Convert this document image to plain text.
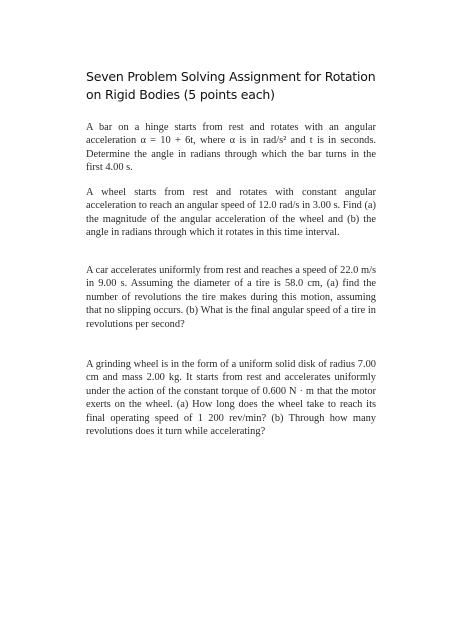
Seven Problem Solving Assignment for Rotation on Rigid Bodies (5 points each)
A bar on a hinge starts from rest and rotates with an angular acceleration α = 10 + 6t, where α is in rad/s² and t is in seconds. Determine the angle in radians through which the bar turns in the first 4.00 s.
A wheel starts from rest and rotates with constant angular acceleration to reach an angular speed of 12.0 rad/s in 3.00 s. Find (a) the magnitude of the angular acceleration of the wheel and (b) the angle in radians through which it rotates in this time interval.
A car accelerates uniformly from rest and reaches a speed of 22.0 m/s in 9.00 s. Assuming the diameter of a tire is 58.0 cm, (a) find the number of revolutions the tire makes during this motion, assuming that no slipping occurs. (b) What is the final angular speed of a tire in revolutions per second?
A grinding wheel is in the form of a uniform solid disk of radius 7.00 cm and mass 2.00 kg. It starts from rest and accelerates uniformly under the action of the constant torque of 0.600 N · m that the motor exerts on the wheel. (a) How long does the wheel take to reach its final operating speed of 1 200 rev/min? (b) Through how many revolutions does it turn while accelerating?
